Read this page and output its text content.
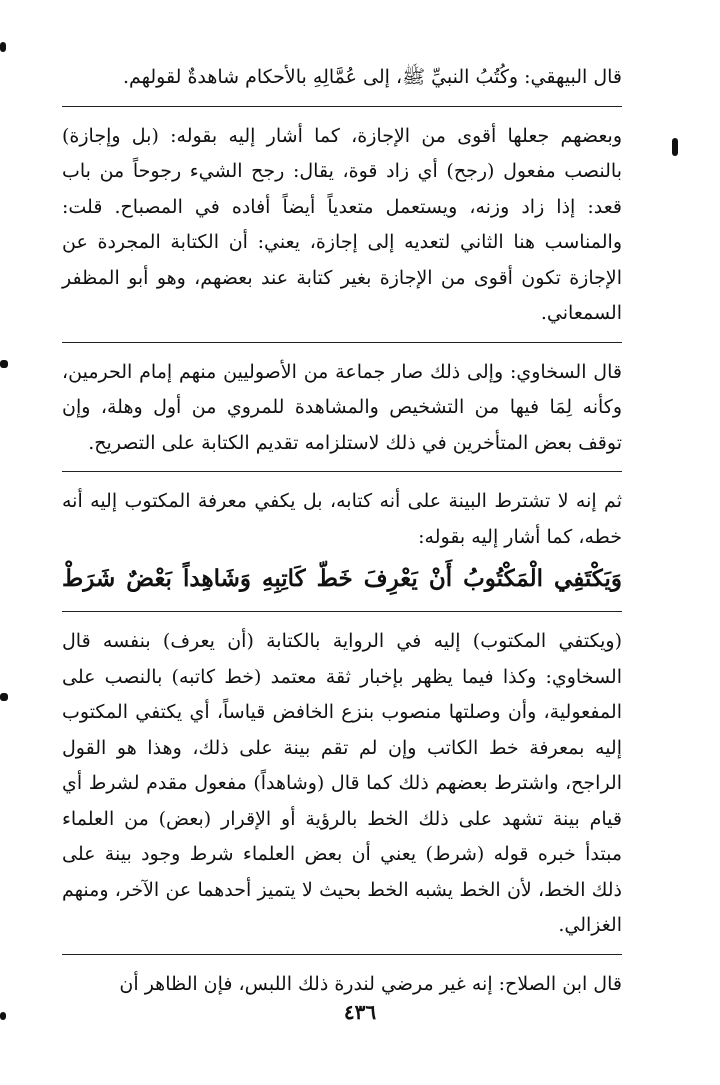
قال البيهقي: وكُتُبُ النبيِّ ﷺ، إلى عُمَّالِهِ بالأحكام شاهدةٌ لقولهم.

وبعضهم جعلها أقوى من الإجازة، كما أشار إليه بقوله: (بل وإجازة) بالنصب مفعول (رجح) أي زاد قوة، يقال: رجح الشيء رجوحاً من باب قعد: إذا زاد وزنه، ويستعمل متعدياً أيضاً أفاده في المصباح. قلت: والمناسب هنا الثاني لتعديه إلى إجازة، يعني: أن الكتابة المجردة عن الإجازة تكون أقوى من الإجازة بغير كتابة عند بعضهم، وهو أبو المظفر السمعاني.

قال السخاوي: وإلى ذلك صار جماعة من الأصوليين منهم إمام الحرمين، وكأنه لِمَا فيها من التشخيص والمشاهدة للمروي من أول وهلة، وإن توقف بعض المتأخرين في ذلك لاستلزامه تقديم الكتابة على التصريح.

ثم إنه لا تشترط البينة على أنه كتابه، بل يكفي معرفة المكتوب إليه أنه خطه، كما أشار إليه بقوله:

وَيَكْتَفِي الْمَكْتُوبُ أَنْ يَعْرِفَ خَطّ كَاتِبِهِ وَشَاهِداً بَعْضٌ شَرَطْ

(ويكتفي المكتوب) إليه في الرواية بالكتابة (أن يعرف) بنفسه قال السخاوي: وكذا فيما يظهر بإخبار ثقة معتمد (خط كاتبه) بالنصب على المفعولية، وأن وصلتها منصوب بنزع الخافض قياساً، أي يكتفي المكتوب إليه بمعرفة خط الكاتب وإن لم تقم بينة على ذلك، وهذا هو القول الراجح، واشترط بعضهم ذلك كما قال (وشاهداً) مفعول مقدم لشرط أي قيام بينة تشهد على ذلك الخط بالرؤية أو الإقرار (بعض) من العلماء مبتدأ خبره قوله (شرط) يعني أن بعض العلماء شرط وجود بينة على ذلك الخط، لأن الخط يشبه الخط بحيث لا يتميز أحدهما عن الآخر، ومنهم الغزالي.

قال ابن الصلاح: إنه غير مرضي لندرة ذلك اللبس، فإن الظاهر أن

٤٣٦
